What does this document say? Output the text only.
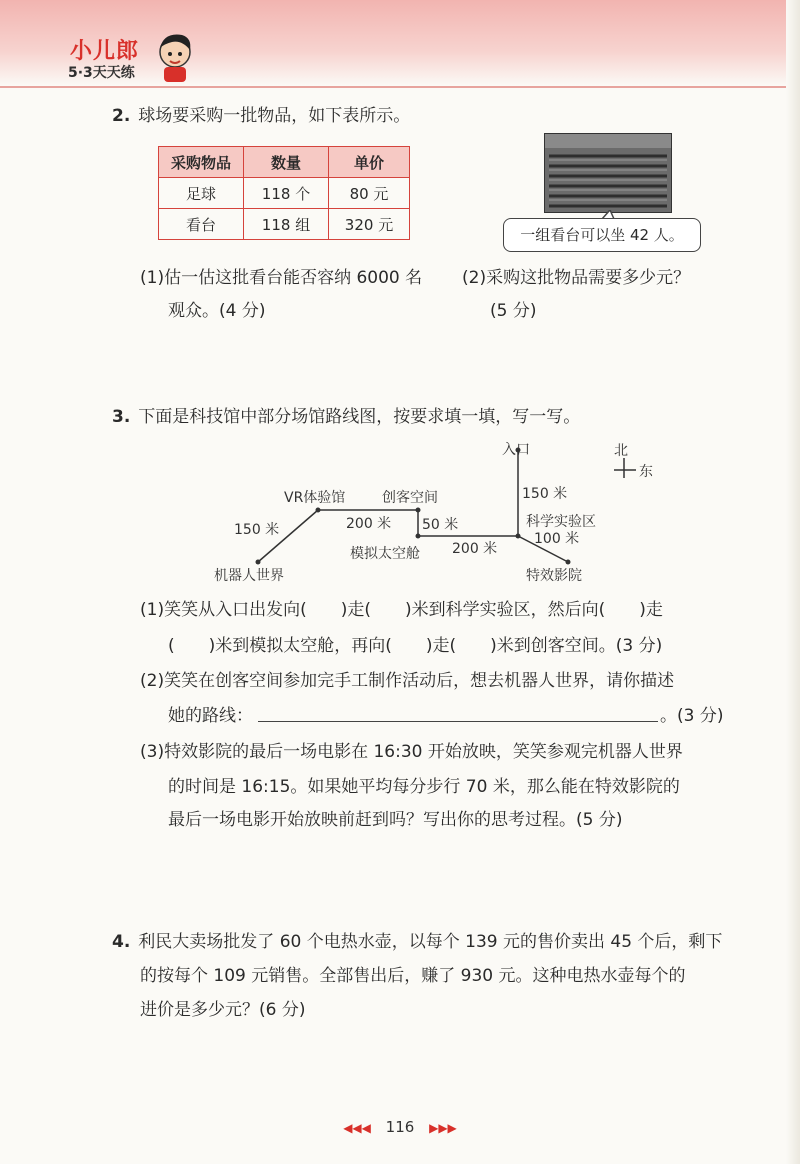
小儿郎
5·3天天练
2. 球场要采购一批物品，如下表所示。
采购物品	数量	单价
足球	118 个	80 元
看台	118 组	320 元
一组看台可以坐 42 人。
(1)估一估这批看台能否容纳 6000 名
观众。(4 分)
(2)采购这批物品需要多少元？
(5 分)
3. 下面是科技馆中部分场馆路线图，按要求填一填，写一写。
北
东
入口
150 米
VR体验馆	创客空间
150 米	200 米 50 米	科学实验区
100 米
模拟太空舱 200 米
机器人世界	特效影院
(1)笑笑从入口出发向(　　)走(　　)米到科学实验区，然后向(　　)走
(　　)米到模拟太空舱，再向(　　)走(　　)米到创客空间。(3 分)
(2)笑笑在创客空间参加完手工制作活动后，想去机器人世界，请你描述
她的路线：	。(3 分)
(3)特效影院的最后一场电影在 16:30 开始放映，笑笑参观完机器人世界
的时间是 16:15。如果她平均每分步行 70 米，那么能在特效影院的
最后一场电影开始放映前赶到吗？写出你的思考过程。(5 分)
4. 利民大卖场批发了 60 个电热水壶，以每个 139 元的售价卖出 45 个后，剩下
的按每个 109 元销售。全部售出后，赚了 930 元。这种电热水壶每个的
进价是多少元？(6 分)
◀◀◀ 116 ▶▶▶
